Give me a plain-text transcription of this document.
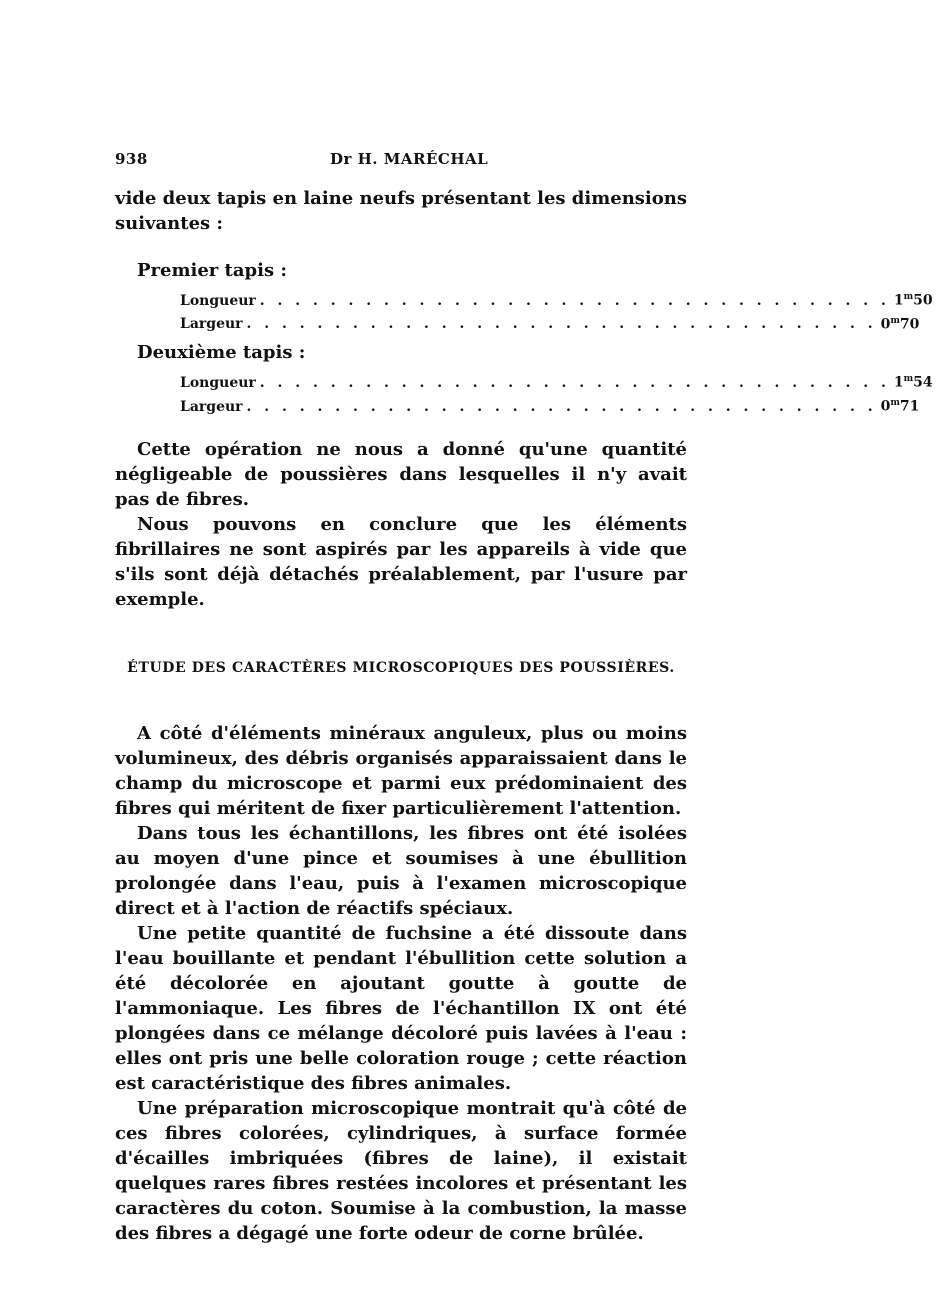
938	Dr H. MARÉCHAL

vide deux tapis en laine neufs présentant les dimensions suivantes :

Premier tapis :
Longueur . . . . . . . . . . . . . . . . . . . . . . . . . . . . . . . . . . . . 1$^m$50
Largeur . . . . . . . . . . . . . . . . . . . . . . . . . . . . . . . . . . . . 0$^m$70
Deuxième tapis :
Longueur . . . . . . . . . . . . . . . . . . . . . . . . . . . . . . . . . . . . 1$^m$54
Largeur . . . . . . . . . . . . . . . . . . . . . . . . . . . . . . . . . . . . 0$^m$71

Cette opération ne nous a donné qu'une quantité négligeable de poussières dans lesquelles il n'y avait pas de fibres.

Nous pouvons en conclure que les éléments fibrillaires ne sont aspirés par les appareils à vide que s'ils sont déjà détachés préalablement, par l'usure par exemple.

ÉTUDE DES CARACTÈRES MICROSCOPIQUES DES POUSSIÈRES.

A côté d'éléments minéraux anguleux, plus ou moins volumineux, des débris organisés apparaissaient dans le champ du microscope et parmi eux prédominaient des fibres qui méritent de fixer particulièrement l'attention.

Dans tous les échantillons, les fibres ont été isolées au moyen d'une pince et soumises à une ébullition prolongée dans l'eau, puis à l'examen microscopique direct et à l'action de réactifs spéciaux.

Une petite quantité de fuchsine a été dissoute dans l'eau bouillante et pendant l'ébullition cette solution a été décolorée en ajoutant goutte à goutte de l'ammoniaque. Les fibres de l'échantillon IX ont été plongées dans ce mélange décoloré puis lavées à l'eau : elles ont pris une belle coloration rouge ; cette réaction est caractéristique des fibres animales.

Une préparation microscopique montrait qu'à côté de ces fibres colorées, cylindriques, à surface formée d'écailles imbriquées (fibres de laine), il existait quelques rares fibres restées incolores et présentant les caractères du coton. Soumise à la combustion, la masse des fibres a dégagé une forte odeur de corne brûlée.
